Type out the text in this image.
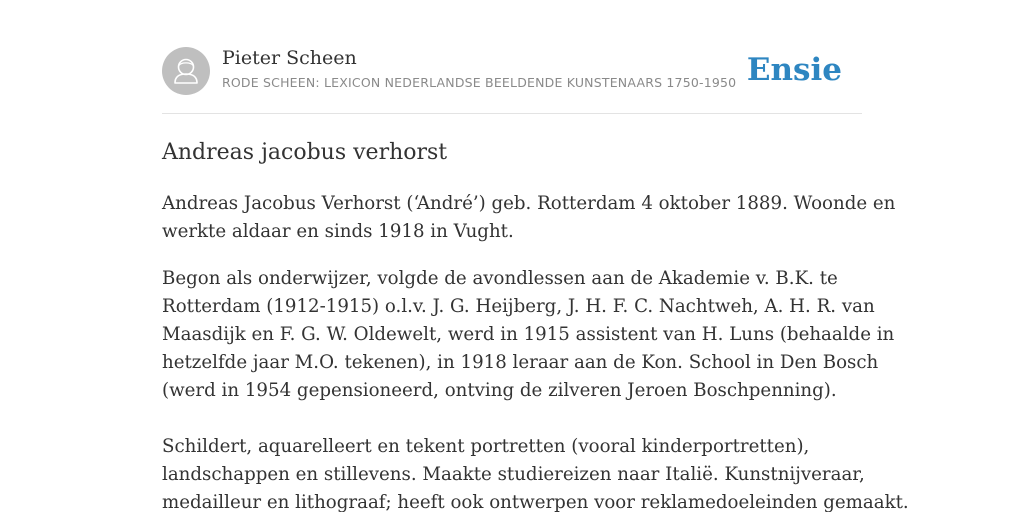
Pieter Scheen
RODE SCHEEN: LEXICON NEDERLANDSE BEELDENDE KUNSTENAARS 1750-1950 Ensie
Andreas jacobus verhorst

Andreas Jacobus Verhorst (‘André’) geb. Rotterdam 4 oktober 1889. Woonde en
werkte aldaar en sinds 1918 in Vught.

Begon als onderwijzer, volgde de avondlessen aan de Akademie v. B.K. te
Rotterdam (1912-1915) o.l.v. J. G. Heijberg, J. H. F. C. Nachtweh, A. H. R. van
Maasdijk en F. G. W. Oldewelt, werd in 1915 assistent van H. Luns (behaalde in
hetzelfde jaar M.O. tekenen), in 1918 leraar aan de Kon. School in Den Bosch
(werd in 1954 gepensioneerd, ontving de zilveren Jeroen Boschpenning).

Schildert, aquarelleert en tekent portretten (vooral kinderportretten),
landschappen en stillevens. Maakte studiereizen naar Italië. Kunstnijveraar,
medailleur en lithograaf; heeft ook ontwerpen voor reklamedoeleinden gemaakt.
